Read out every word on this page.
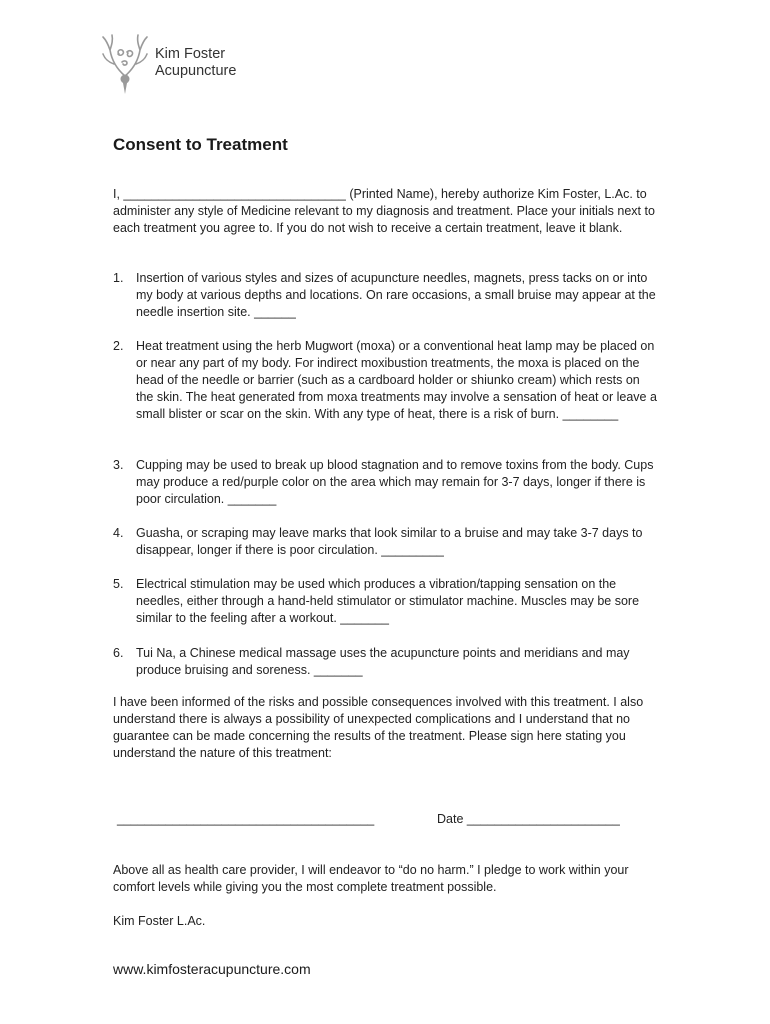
Kim Foster
Acupuncture
Consent to Treatment

I, ________________________________ (Printed Name), hereby authorize Kim Foster, L.Ac. to administer any style of Medicine relevant to my diagnosis and treatment. Place your initials next to each treatment you agree to. If you do not wish to receive a certain treatment, leave it blank.

1.	Insertion of various styles and sizes of acupuncture needles, magnets, press tacks on or into my body at various depths and locations. On rare occasions, a small bruise may appear at the needle insertion site. ______
2.	Heat treatment using the herb Mugwort (moxa) or a conventional heat lamp may be placed on or near any part of my body. For indirect moxibustion treatments, the moxa is placed on the head of the needle or barrier (such as a cardboard holder or shiunko cream) which rests on the skin. The heat generated from moxa treatments may involve a sensation of heat or leave a small blister or scar on the skin. With any type of heat, there is a risk of burn. ________
3.	Cupping may be used to break up blood stagnation and to remove toxins from the body. Cups may produce a red/purple color on the area which may remain for 3-7 days, longer if there is poor circulation. _______
4.	Guasha, or scraping may leave marks that look similar to a bruise and may take 3-7 days to disappear, longer if there is poor circulation. _________
5.	Electrical stimulation may be used which produces a vibration/tapping sensation on the needles, either through a hand-held stimulator or stimulator machine. Muscles may be sore similar to the feeling after a workout. _______
6.	Tui Na, a Chinese medical massage uses the acupuncture points and meridians and may produce bruising and soreness. _______

I have been informed of the risks and possible consequences involved with this treatment. I also understand there is always a possibility of unexpected complications and I understand that no guarantee can be made concerning the results of the treatment. Please sign here stating you understand the nature of this treatment:

_____________________________________	Date ______________________

Above all as health care provider, I will endeavor to “do no harm.” I pledge to work within your comfort levels while giving you the most complete treatment possible.

Kim Foster L.Ac.

www.kimfosteracupuncture.com
